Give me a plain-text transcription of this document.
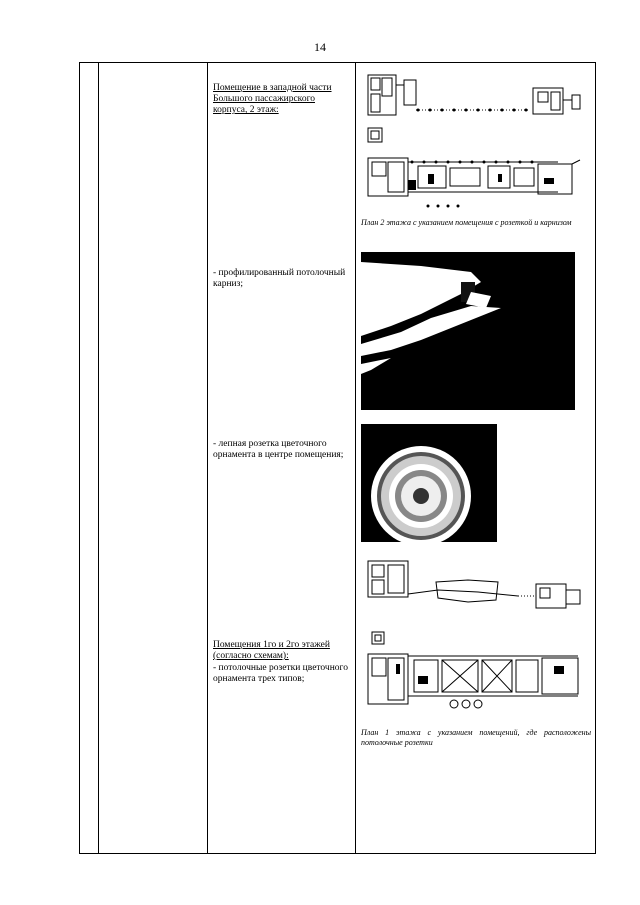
14
Помещение в западной части Большого пассажирского корпуса, 2 этаж:
План 2 этажа с указанием помещения с розеткой и карнизом
- профилированный потолочный карниз;
- лепная розетка цветочного орнамента в центре помещения;
Помещения 1го и 2го этажей (согласно схемам):
- потолочные розетки цветочного орнамента трех типов;
План 1 этажа с указанием помещений, где расположены потолочные розетки
